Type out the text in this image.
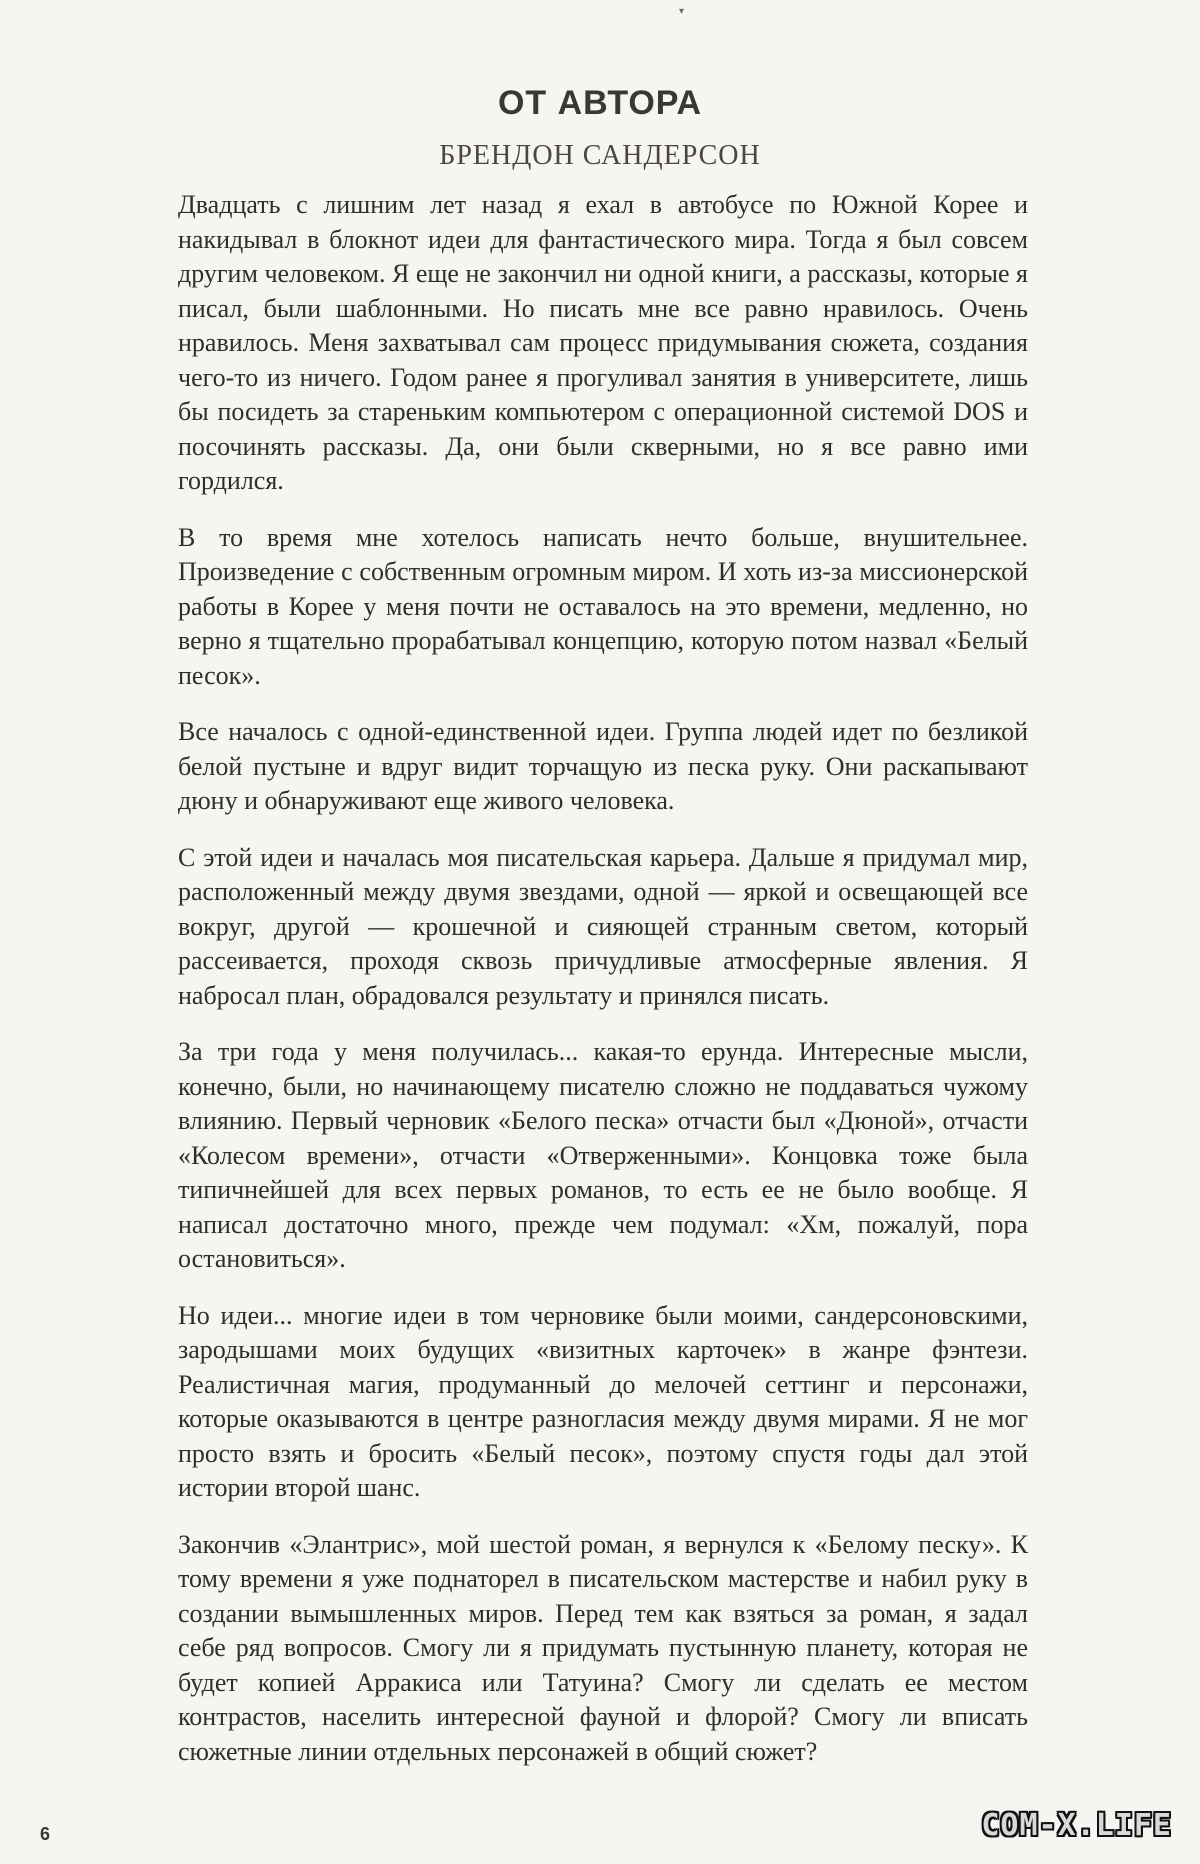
▾
ОТ АВТОРА
БРЕНДОН САНДЕРСОН

Двадцать с лишним лет назад я ехал в автобусе по Южной Корее и накидывал в блокнот идеи для фантастического мира. Тогда я был совсем другим человеком. Я еще не закончил ни одной книги, а рассказы, которые я писал, были шаблонными. Но писать мне все равно нравилось. Очень нравилось. Меня захватывал сам процесс придумывания сюжета, создания чего-то из ничего. Годом ранее я прогуливал занятия в университете, лишь бы посидеть за стареньким компьютером с операционной системой DOS и посочинять рассказы. Да, они были скверными, но я все равно ими гордился.

В то время мне хотелось написать нечто больше, внушительнее. Произведение с собственным огромным миром. И хоть из-за миссионерской работы в Корее у меня почти не оставалось на это времени, медленно, но верно я тщательно прорабатывал концепцию, которую потом назвал «Белый песок».

Все началось с одной-единственной идеи. Группа людей идет по безликой белой пустыне и вдруг видит торчащую из песка руку. Они раскапывают дюну и обнаруживают еще живого человека.

С этой идеи и началась моя писательская карьера. Дальше я придумал мир, расположенный между двумя звездами, одной — яркой и освещающей все вокруг, другой — крошечной и сияющей странным светом, который рассеивается, проходя сквозь причудливые атмосферные явления. Я набросал план, обрадовался результату и принялся писать.

За три года у меня получилась... какая-то ерунда. Интересные мысли, конечно, были, но начинающему писателю сложно не поддаваться чужому влиянию. Первый черновик «Белого песка» отчасти был «Дюной», отчасти «Колесом времени», отчасти «Отверженными». Концовка тоже была типичнейшей для всех первых романов, то есть ее не было вообще. Я написал достаточно много, прежде чем подумал: «Хм, пожалуй, пора остановиться».

Но идеи... многие идеи в том черновике были моими, сандерсоновскими, зародышами моих будущих «визитных карточек» в жанре фэнтези. Реалистичная магия, продуманный до мелочей сеттинг и персонажи, которые оказываются в центре разногласия между двумя мирами. Я не мог просто взять и бросить «Белый песок», поэтому спустя годы дал этой истории второй шанс.

Закончив «Элантрис», мой шестой роман, я вернулся к «Белому песку». К тому времени я уже поднаторел в писательском мастерстве и набил руку в создании вымышленных миров. Перед тем как взяться за роман, я задал себе ряд вопросов. Смогу ли я придумать пустынную планету, которая не будет копией Арракиса или Татуина? Смогу ли сделать ее местом контрастов, населить интересной фауной и флорой? Смогу ли вписать сюжетные линии отдельных персонажей в общий сюжет?

6	COM-X.LIFE
